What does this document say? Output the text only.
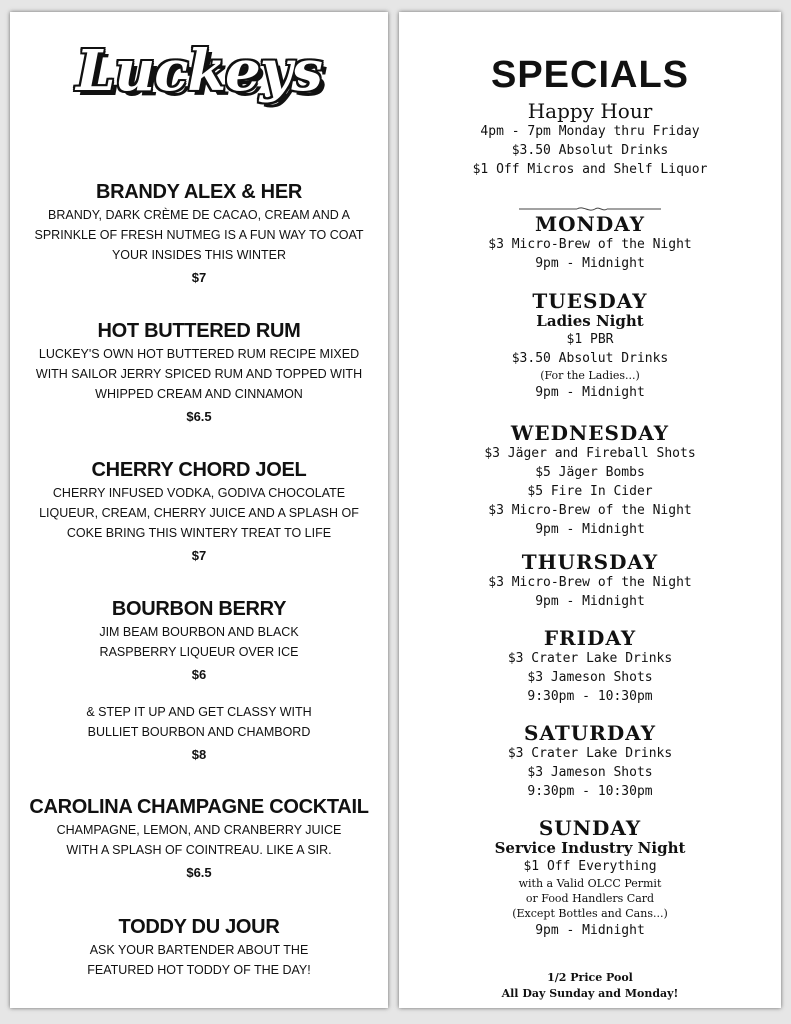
Luckeys
BRANDY ALEX & HER
BRANDY, DARK CRÈME DE CACAO, CREAM AND A SPRINKLE OF FRESH NUTMEG IS A FUN WAY TO COAT YOUR INSIDES THIS WINTER
$7
HOT BUTTERED RUM
LUCKEY'S OWN HOT BUTTERED RUM RECIPE MIXED WITH SAILOR JERRY SPICED RUM AND TOPPED WITH WHIPPED CREAM AND CINNAMON
$6.5
CHERRY CHORD JOEL
CHERRY INFUSED VODKA, GODIVA CHOCOLATE LIQUEUR, CREAM, CHERRY JUICE AND A SPLASH OF COKE BRING THIS WINTERY TREAT TO LIFE
$7
BOURBON BERRY
JIM BEAM BOURBON AND BLACK RASPBERRY LIQUEUR OVER ICE
$6
& STEP IT UP AND GET CLASSY WITH BULLIET BOURBON AND CHAMBORD
$8
CAROLINA CHAMPAGNE COCKTAIL
CHAMPAGNE, LEMON, AND CRANBERRY JUICE WITH A SPLASH OF COINTREAU. LIKE A SIR.
$6.5
TODDY DU JOUR
ASK YOUR BARTENDER ABOUT THE FEATURED HOT TODDY OF THE DAY!
SPECIALS
Happy Hour
4pm - 7pm Monday thru Friday
$3.50 Absolut Drinks
$1 Off Micros and Shelf Liquor
MONDAY
$3 Micro-Brew of the Night
9pm - Midnight
TUESDAY
Ladies Night
$1 PBR
$3.50 Absolut Drinks
(For the Ladies...)
9pm - Midnight
WEDNESDAY
$3 Jäger and Fireball Shots
$5 Jäger Bombs
$5 Fire In Cider
$3 Micro-Brew of the Night
9pm - Midnight
THURSDAY
$3 Micro-Brew of the Night
9pm - Midnight
FRIDAY
$3 Crater Lake Drinks
$3 Jameson Shots
9:30pm - 10:30pm
SATURDAY
$3 Crater Lake Drinks
$3 Jameson Shots
9:30pm - 10:30pm
SUNDAY
Service Industry Night
$1 Off Everything
with a Valid OLCC Permit
or Food Handlers Card
(Except Bottles and Cans...)
9pm - Midnight
1/2 Price Pool
All Day Sunday and Monday!
